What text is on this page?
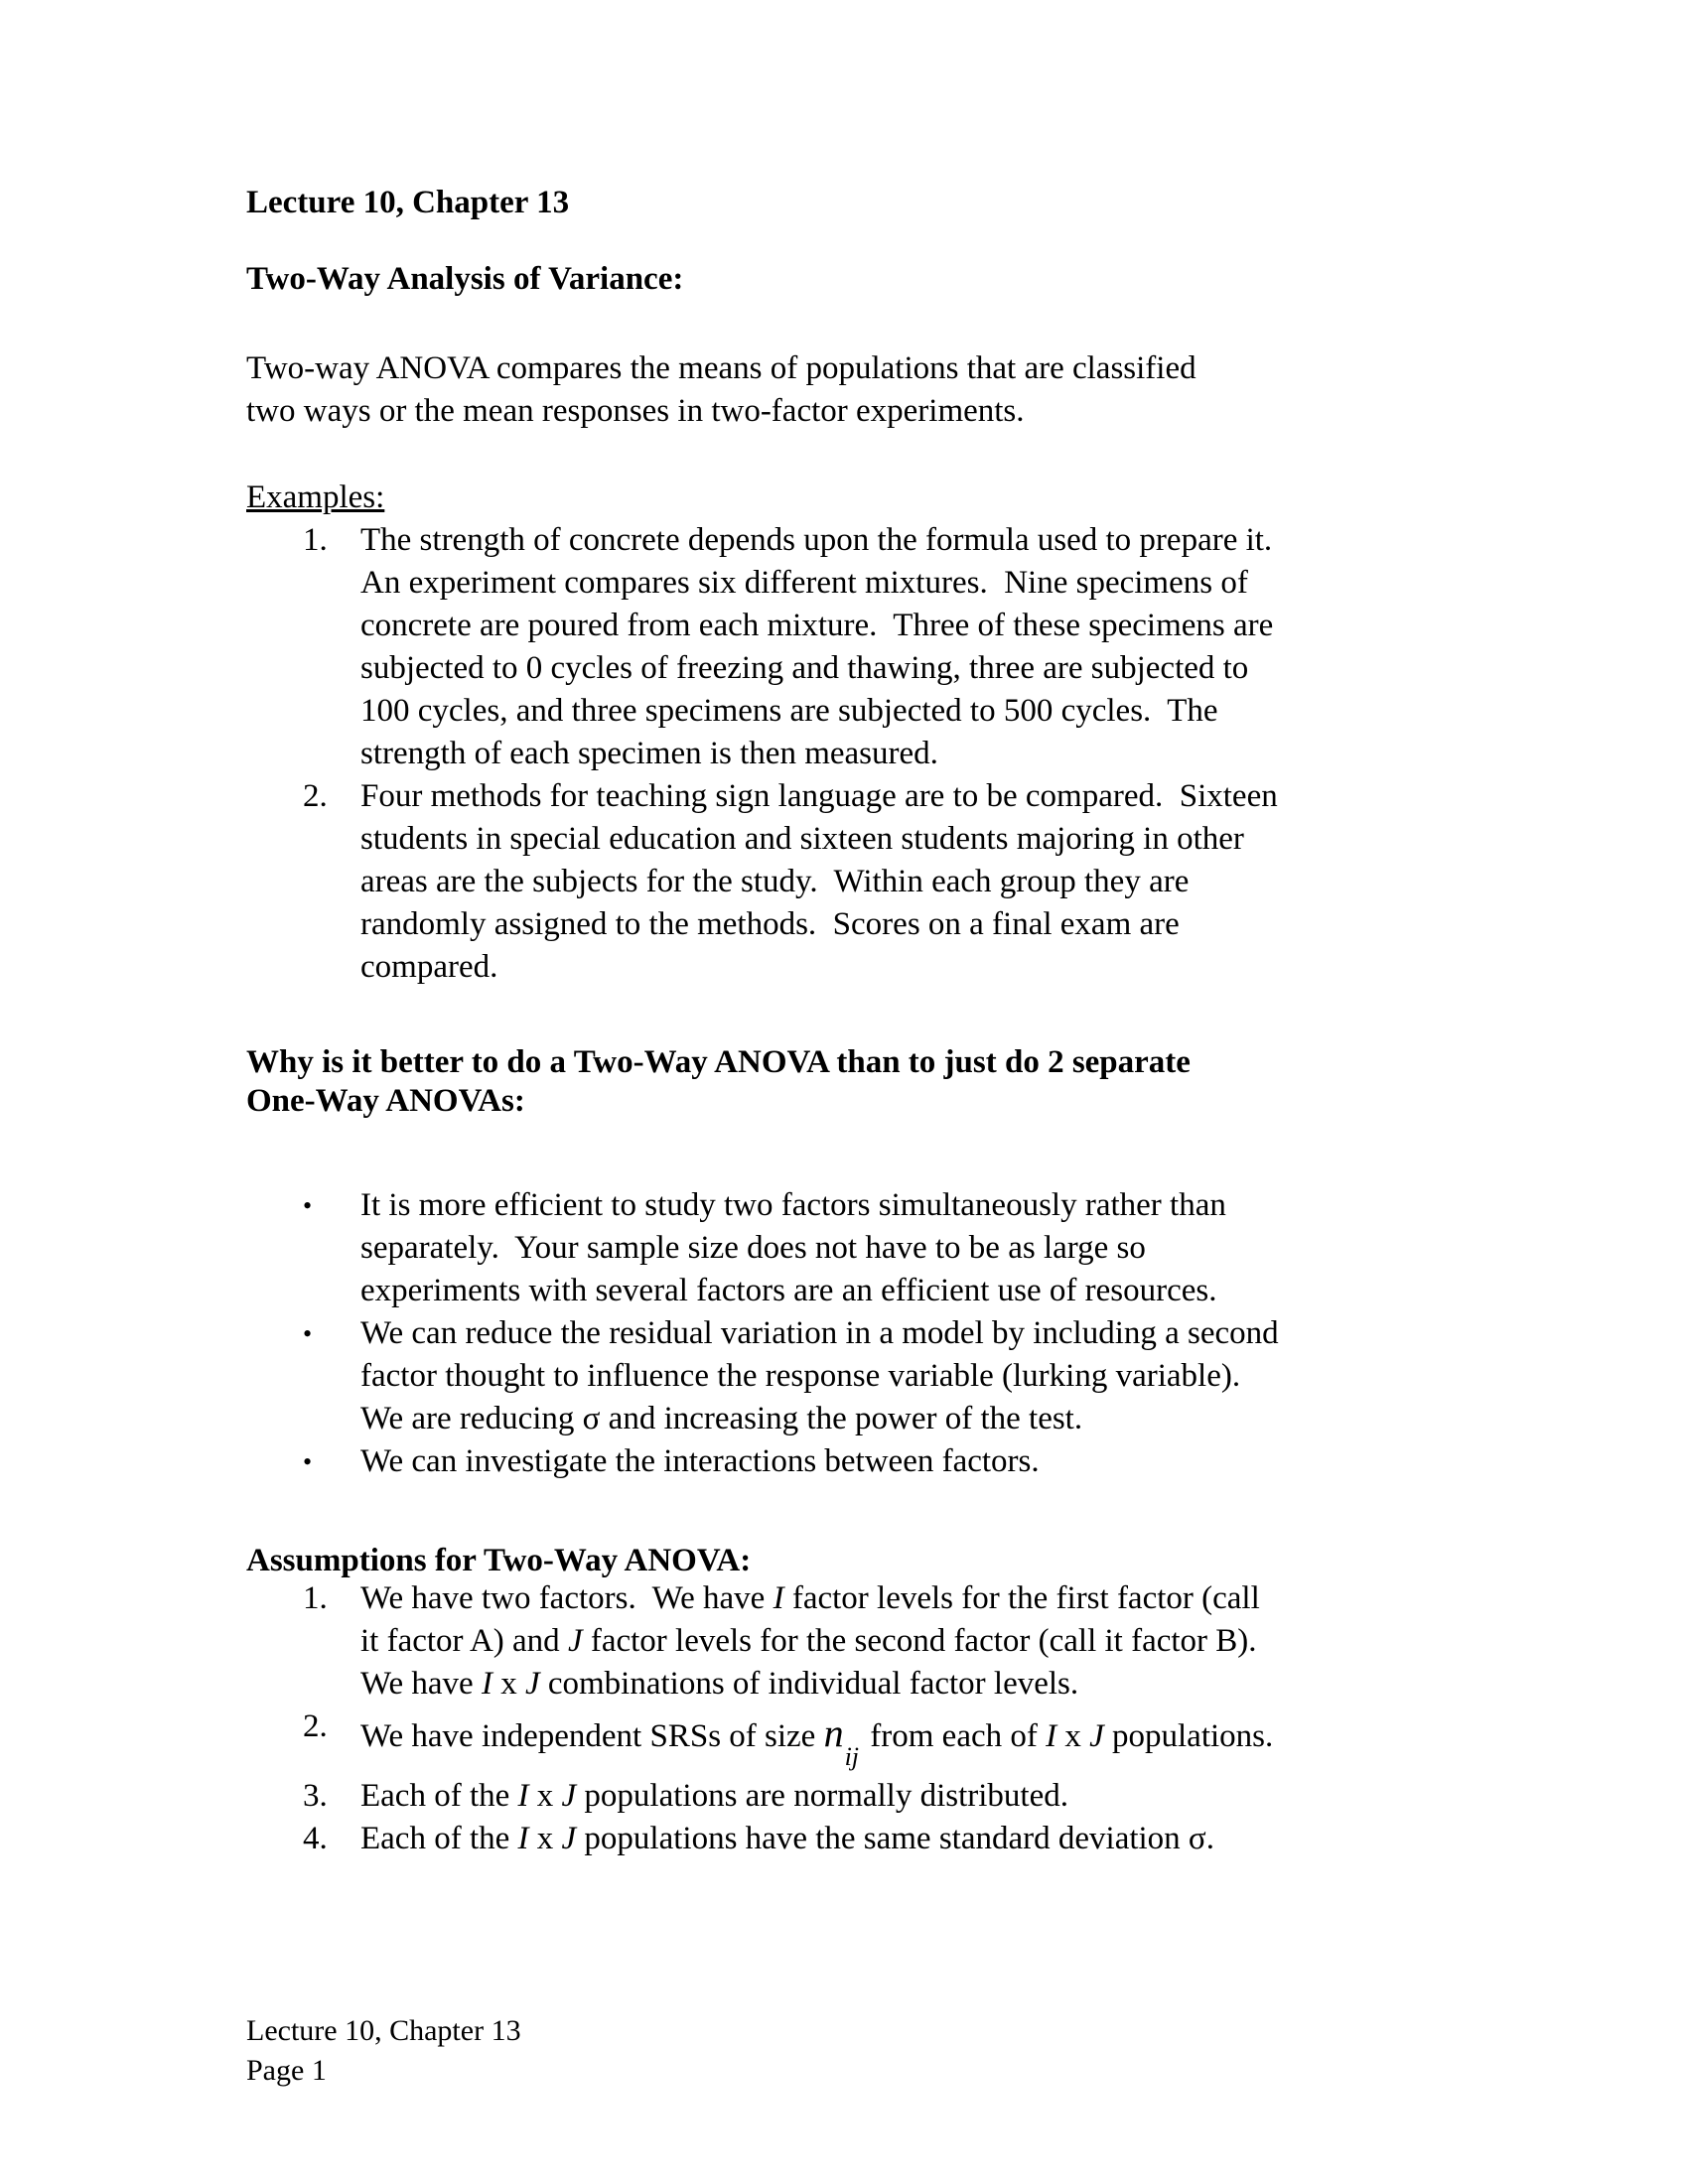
Lecture 10, Chapter 13
Two-Way Analysis of Variance:
Two-way ANOVA compares the means of populations that are classified
two ways or the mean responses in two-factor experiments.
Examples:
1.	The strength of concrete depends upon the formula used to prepare it.
An experiment compares six different mixtures.  Nine specimens of
concrete are poured from each mixture.  Three of these specimens are
subjected to 0 cycles of freezing and thawing, three are subjected to
100 cycles, and three specimens are subjected to 500 cycles.  The
strength of each specimen is then measured.
2.	Four methods for teaching sign language are to be compared.  Sixteen
students in special education and sixteen students majoring in other
areas are the subjects for the study.  Within each group they are
randomly assigned to the methods.  Scores on a final exam are
compared.
Why is it better to do a Two-Way ANOVA than to just do 2 separate
One-Way ANOVAs:
•	It is more efficient to study two factors simultaneously rather than
separately.  Your sample size does not have to be as large so
experiments with several factors are an efficient use of resources.
•	We can reduce the residual variation in a model by including a second
factor thought to influence the response variable (lurking variable).
We are reducing σ and increasing the power of the test.
•	We can investigate the interactions between factors.
Assumptions for Two-Way ANOVA:
1.	We have two factors.  We have I factor levels for the first factor (call
it factor A) and J factor levels for the second factor (call it factor B).
We have I x J combinations of individual factor levels.
2.	We have independent SRSs of size $n_{ij}$ from each of I x J populations.
3.	Each of the I x J populations are normally distributed.
4.	Each of the I x J populations have the same standard deviation σ.
Lecture 10, Chapter 13
Page 1
